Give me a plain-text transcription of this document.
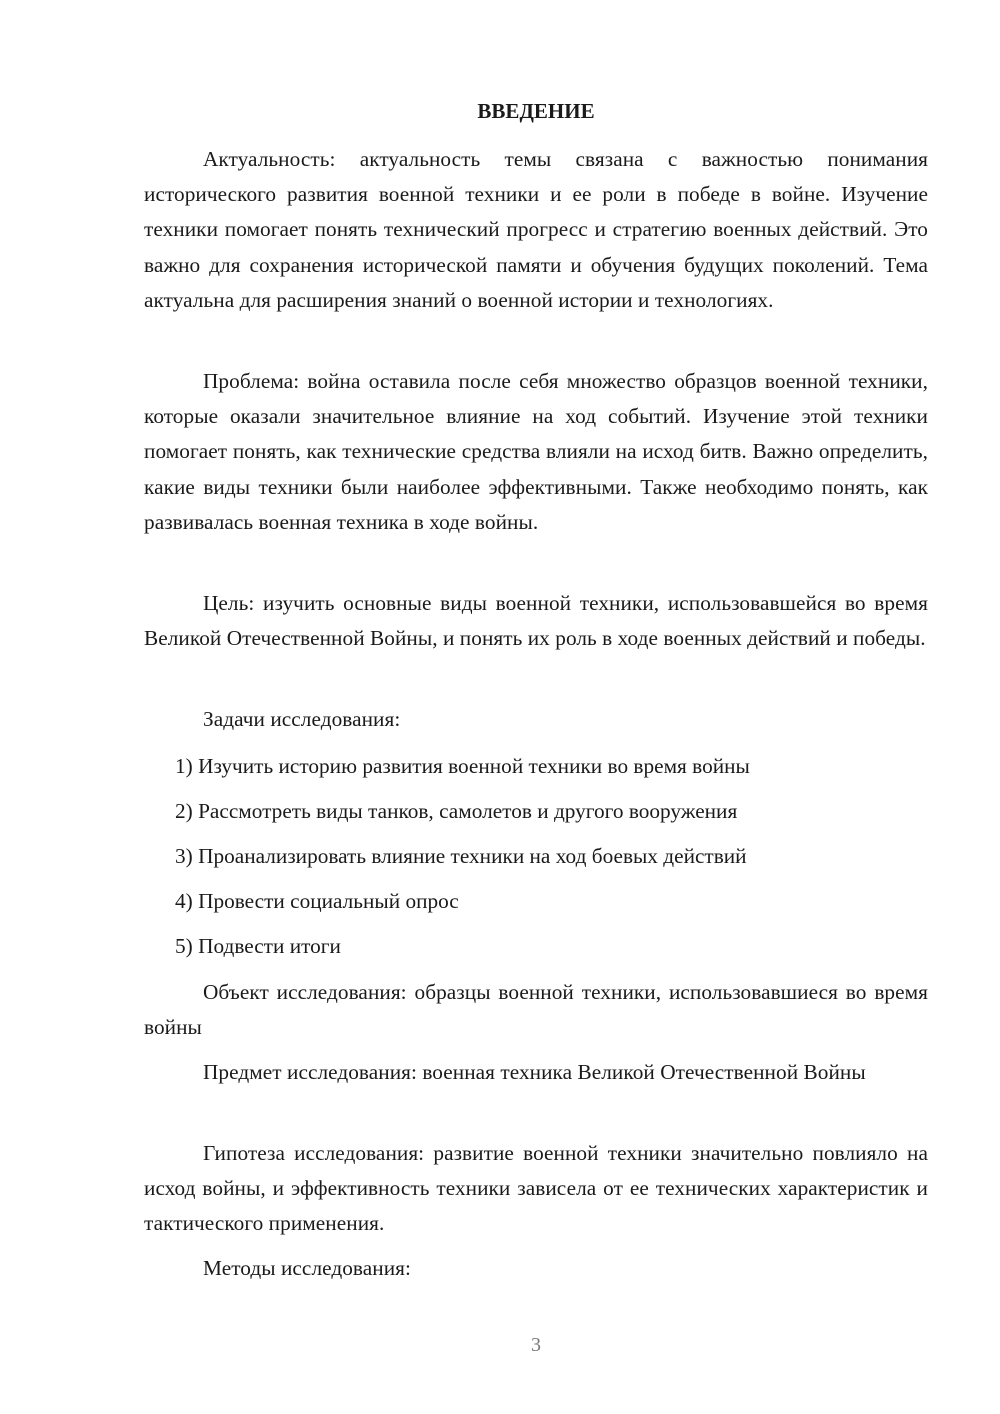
ВВЕДЕНИЕ

Актуальность: актуальность темы связана с важностью понимания исторического развития военной техники и ее роли в победе в войне. Изучение техники помогает понять технический прогресс и стратегию военных действий. Это важно для сохранения исторической памяти и обучения будущих поколений. Тема актуальна для расширения знаний о военной истории и технологиях.

Проблема: война оставила после себя множество образцов военной техники, которые оказали значительное влияние на ход событий. Изучение этой техники помогает понять, как технические средства влияли на исход битв. Важно определить, какие виды техники были наиболее эффективными. Также необходимо понять, как развивалась военная техника в ходе войны.

Цель: изучить основные виды военной техники, использовавшейся во время Великой Отечественной Войны, и понять их роль в ходе военных действий и победы.

Задачи исследования:

1) Изучить историю развития военной техники во время войны
2) Рассмотреть виды танков, самолетов и другого вооружения
3) Проанализировать влияние техники на ход боевых действий
4) Провести социальный опрос
5) Подвести итоги

Объект исследования: образцы военной техники, использовавшиеся во время войны

Предмет исследования: военная техника Великой Отечественной Войны

Гипотеза исследования: развитие военной техники значительно повлияло на исход войны, и эффективность техники зависела от ее технических характеристик и тактического применения.

Методы исследования:

3
